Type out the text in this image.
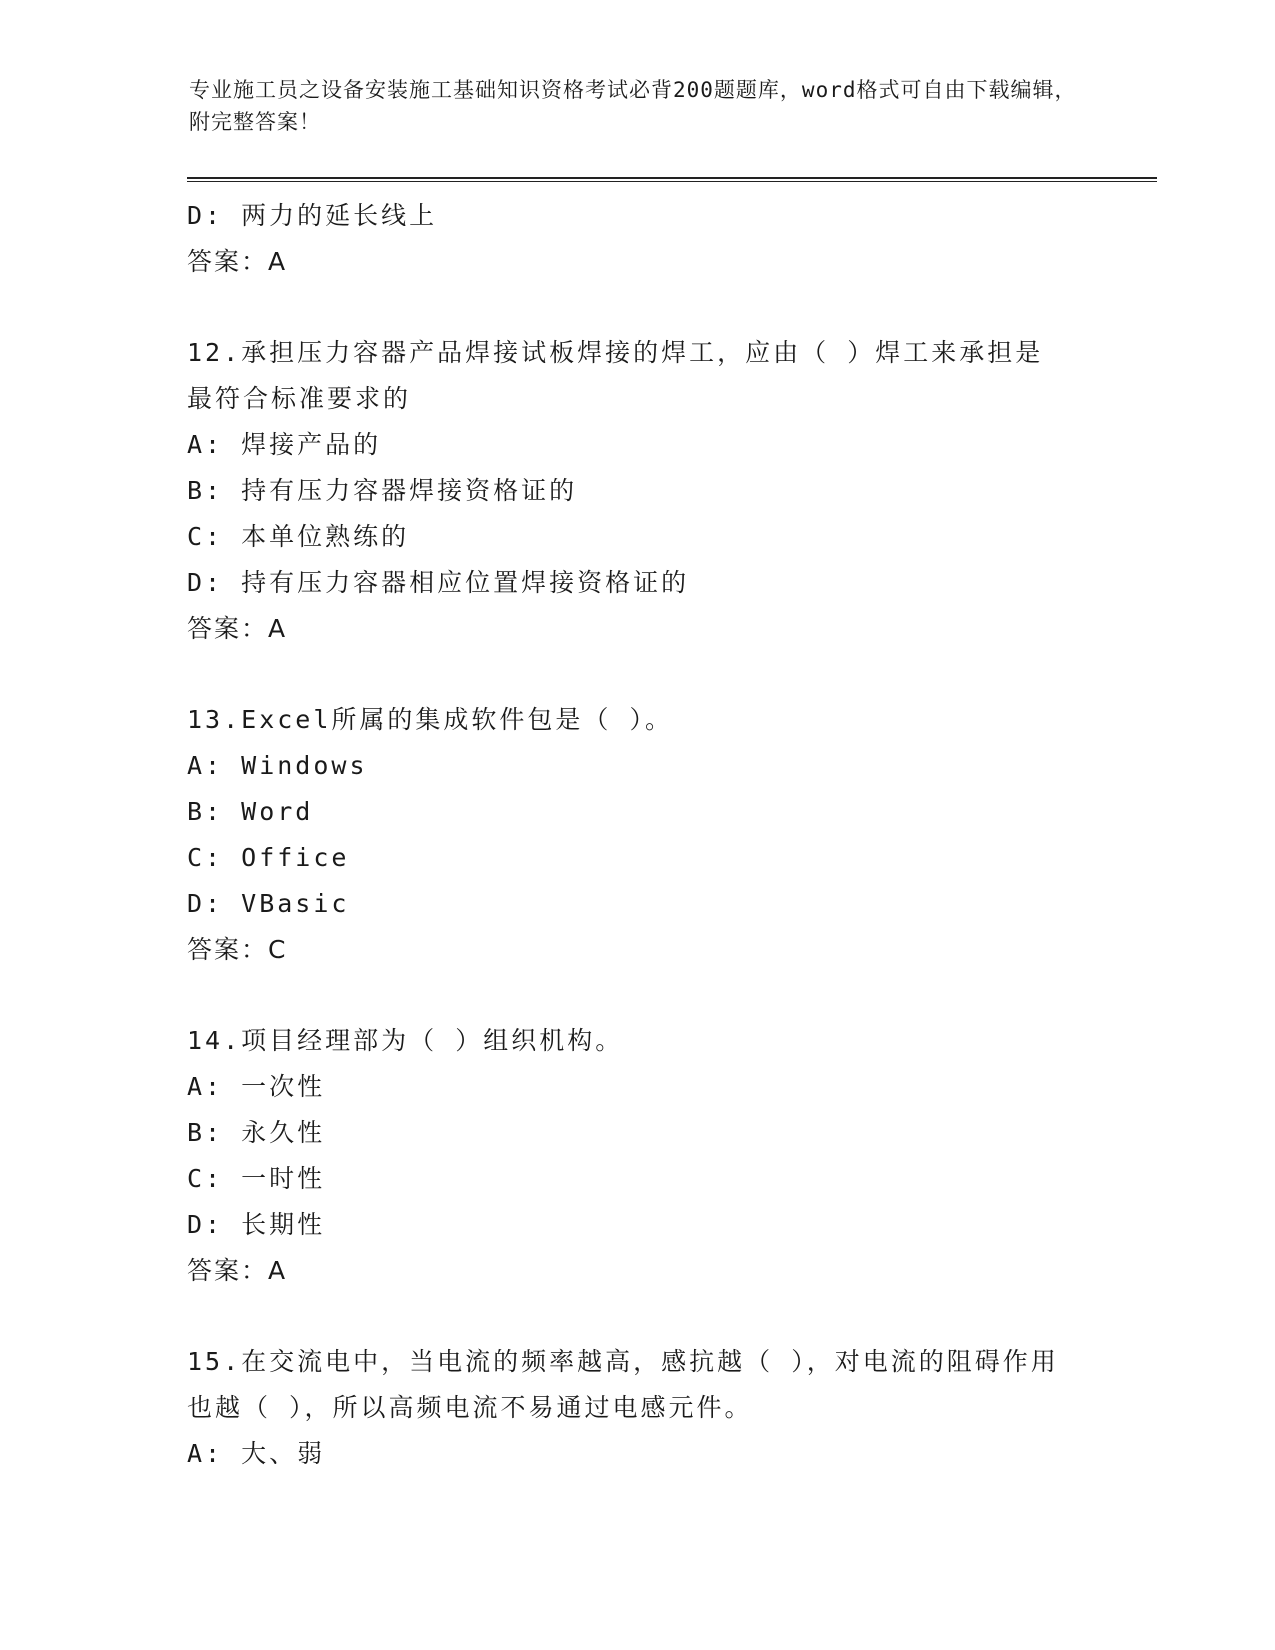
专业施工员之设备安装施工基础知识资格考试必背200题题库，word格式可自由下载编辑，附完整答案！
D: 两力的延长线上
答案：A
12.承担压力容器产品焊接试板焊接的焊工，应由（ ）焊工来承担是最符合标准要求的
A: 焊接产品的
B: 持有压力容器焊接资格证的
C: 本单位熟练的
D: 持有压力容器相应位置焊接资格证的
答案：A
13.Excel所属的集成软件包是（ ）。
A: Windows
B: Word
C: Office
D: VBasic
答案：C
14.项目经理部为（ ）组织机构。
A: 一次性
B: 永久性
C: 一时性
D: 长期性
答案：A
15.在交流电中，当电流的频率越高，感抗越（ ），对电流的阻碍作用也越（ ），所以高频电流不易通过电感元件。
A: 大、弱
